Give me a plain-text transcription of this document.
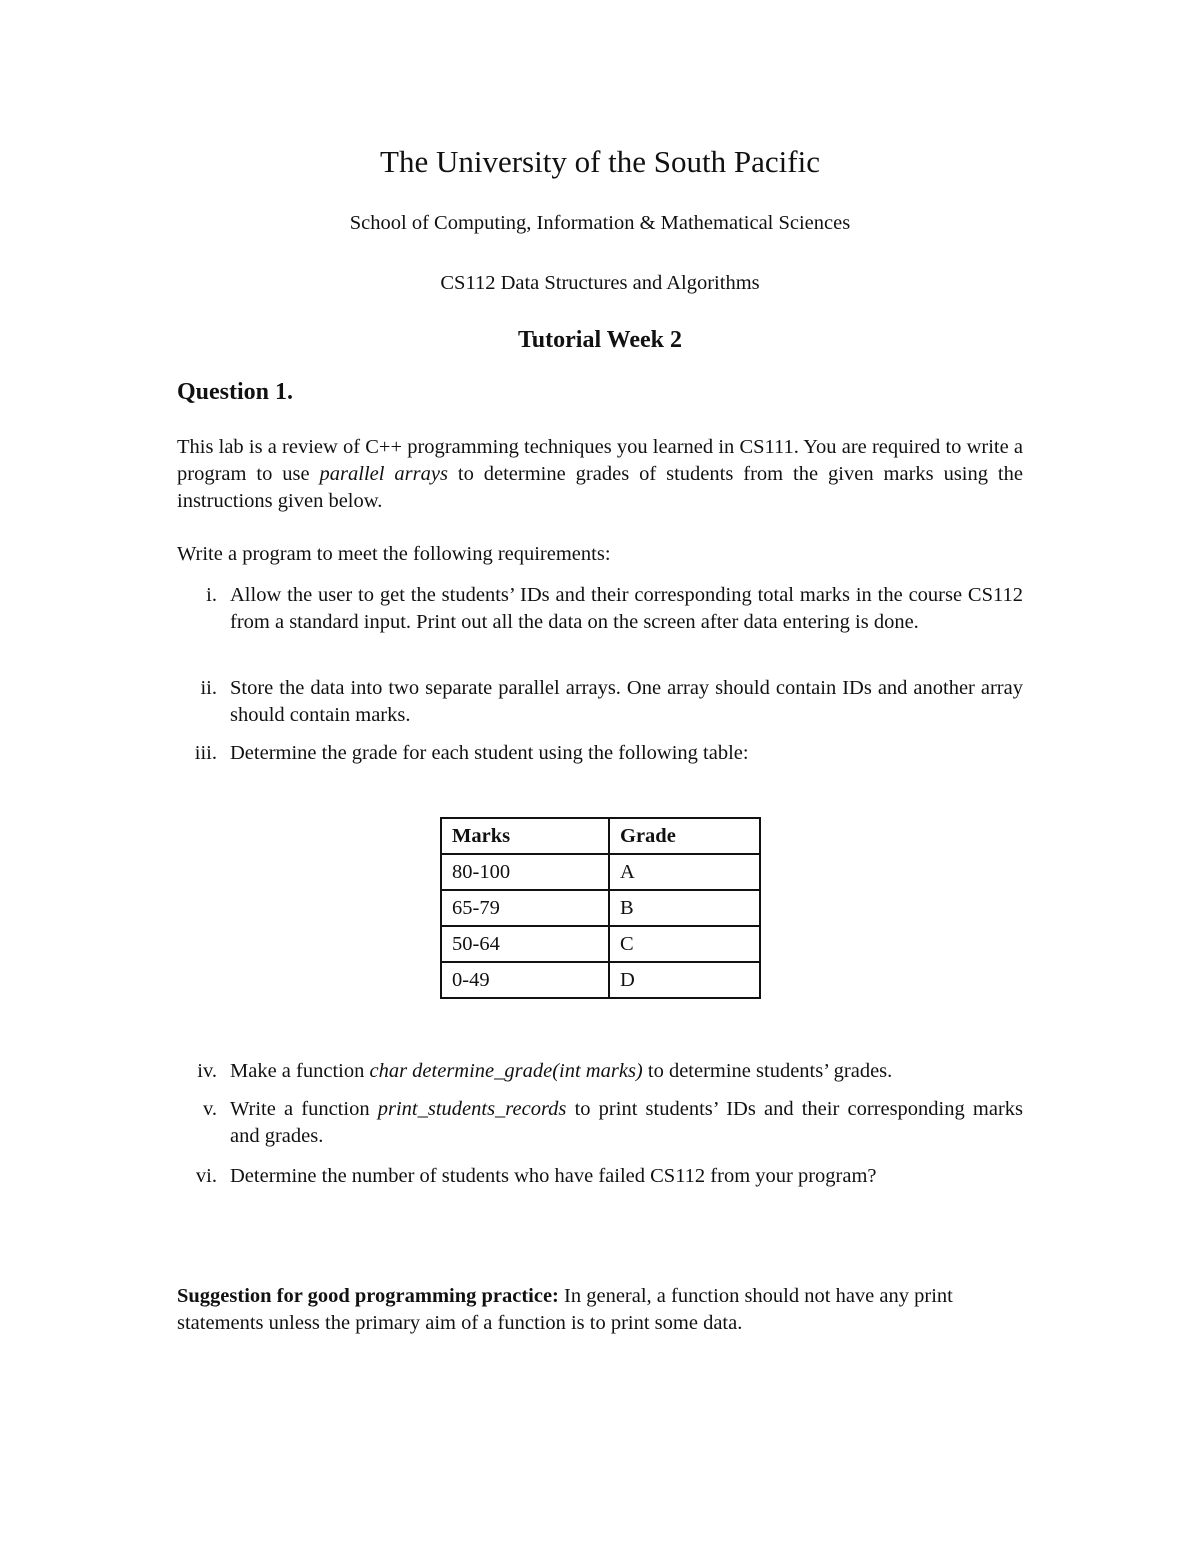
The University of the South Pacific
School of Computing, Information & Mathematical Sciences
CS112 Data Structures and Algorithms
Tutorial Week 2
Question 1.
This lab is a review of C++ programming techniques you learned in CS111. You are required to write a program to use parallel arrays to determine grades of students from the given marks using the instructions given below.
Write a program to meet the following requirements:
i. Allow the user to get the students’ IDs and their corresponding total marks in the course CS112 from a standard input. Print out all the data on the screen after data entering is done.
ii. Store the data into two separate parallel arrays. One array should contain IDs and another array should contain marks.
iii. Determine the grade for each student using the following table:
Marks	Grade
80-100	A
65-79	B
50-64	C
0-49	D
iv. Make a function char determine_grade(int marks) to determine students’ grades.
v. Write a function print_students_records to print students’ IDs and their corresponding marks and grades.
vi. Determine the number of students who have failed CS112 from your program?
Suggestion for good programming practice: In general, a function should not have any print statements unless the primary aim of a function is to print some data.
